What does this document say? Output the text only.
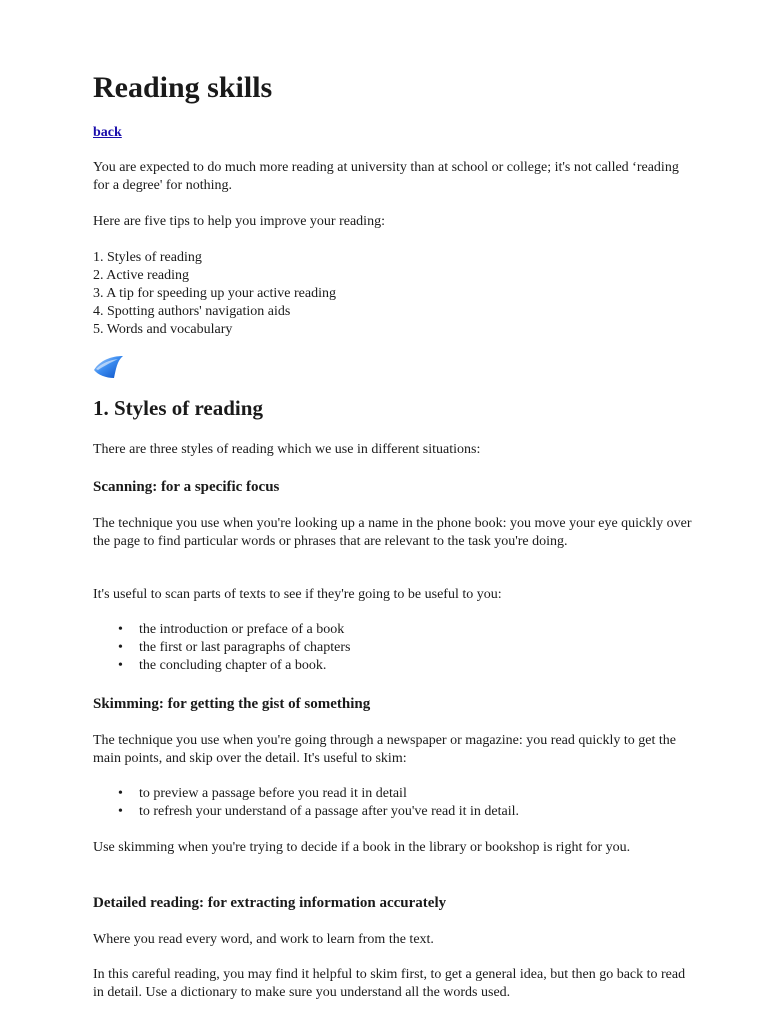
Reading skills
back

You are expected to do much more reading at university than at school or college; it's not called ‘reading for a degree' for nothing.

Here are five tips to help you improve your reading:

1. Styles of reading
2. Active reading
3. A tip for speeding up your active reading
4. Spotting authors' navigation aids
5. Words and vocabulary
1. Styles of reading

There are three styles of reading which we use in different situations:

Scanning: for a specific focus

The technique you use when you're looking up a name in the phone book: you move your eye quickly over the page to find particular words or phrases that are relevant to the task you're doing.

It's useful to scan parts of texts to see if they're going to be useful to you:

• the introduction or preface of a book
• the first or last paragraphs of chapters
• the concluding chapter of a book.
Skimming: for getting the gist of something

The technique you use when you're going through a newspaper or magazine: you read quickly to get the main points, and skip over the detail. It's useful to skim:

• to preview a passage before you read it in detail
• to refresh your understand of a passage after you've read it in detail.

Use skimming when you're trying to decide if a book in the library or bookshop is right for you.

Detailed reading: for extracting information accurately

Where you read every word, and work to learn from the text.

In this careful reading, you may find it helpful to skim first, to get a general idea, but then go back to read in detail. Use a dictionary to make sure you understand all the words used.
